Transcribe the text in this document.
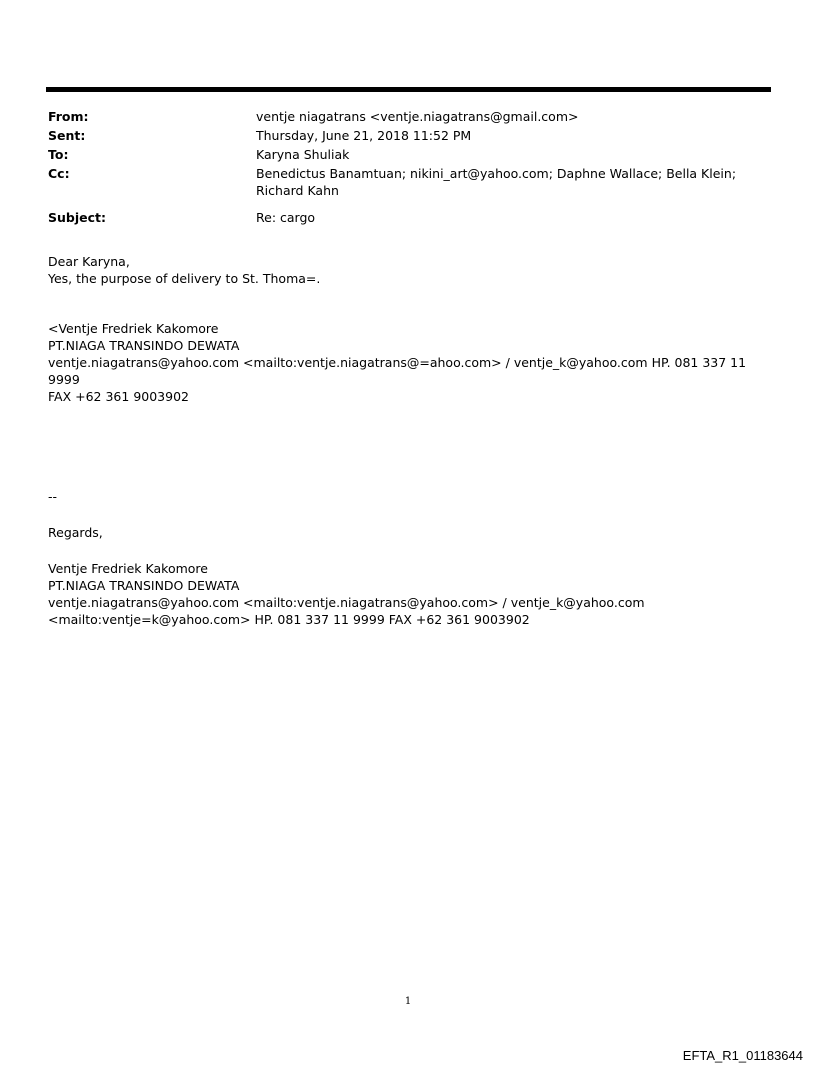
From:	ventje niagatrans <ventje.niagatrans@gmail.com>
Sent:	Thursday, June 21, 2018 11:52 PM
To:	Karyna Shuliak
Cc:	Benedictus Banamtuan; nikini_art@yahoo.com; Daphne Wallace; Bella Klein; Richard Kahn
Subject:	Re: cargo

Dear Karyna,

Yes, the purpose of delivery to St. Thoma=.

<Ventje Fredriek Kakomore

PT.NIAGA TRANSINDO DEWATA

ventje.niagatrans@yahoo.com <mailto:ventje.niagatrans@=ahoo.com> / ventje_k@yahoo.com HP. 081 337 11 9999

FAX +62 361 9003902

--

Regards,

Ventje Fredriek Kakomore

PT.NIAGA TRANSINDO DEWATA

ventje.niagatrans@yahoo.com <mailto:ventje.niagatrans@yahoo.com> / ventje_k@yahoo.com

<mailto:ventje=k@yahoo.com> HP. 081 337 11 9999 FAX +62 361 9003902

1
EFTA_R1_01183644
